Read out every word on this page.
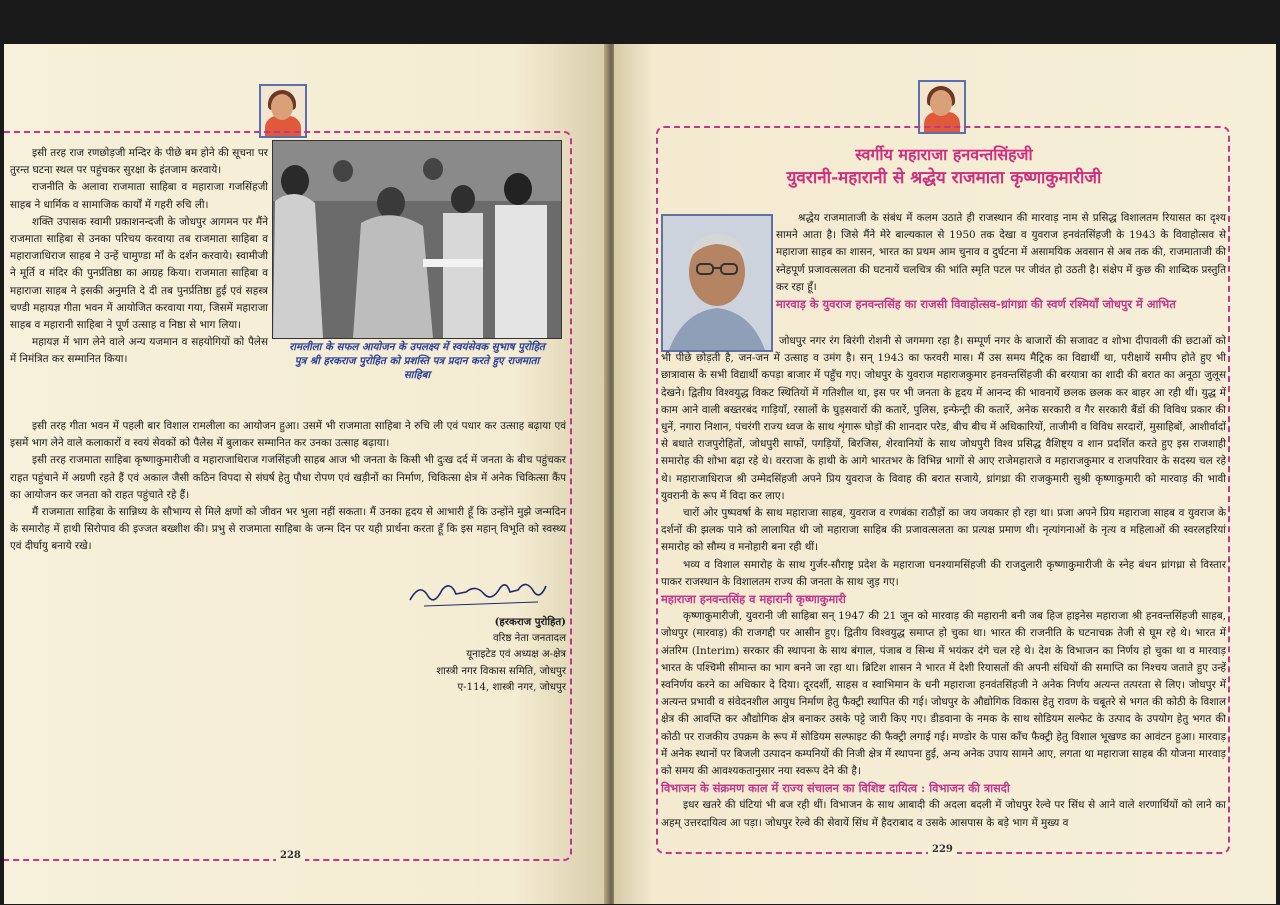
इसी तरह राज रणछोड़जी मन्दिर के पीछे बम होने की सूचना पर तुरन्त घटना स्थल पर पहुंचकर सुरक्षा के इंतजाम करवाये।

राजनीति के अलावा राजमाता साहिबा व महाराजा गजसिंहजी साहब ने धार्मिक व सामाजिक कार्यों में गहरी रुचि ली।

शक्ति उपासक स्वामी प्रकाशनन्दजी के जोधपुर आगमन पर मैंने राजमाता साहिबा से उनका परिचय करवाया तब राजमाता साहिबा व महाराजाधिराज साहब ने उन्हें चामुण्डा माँ के दर्शन करवाये। स्वामीजी ने मूर्ति व मंदिर की पुनर्प्रतिष्ठा का आग्रह किया। राजमाता साहिबा व महाराजा साहब ने इसकी अनुमति दे दी तब पुनर्प्रतिष्ठा हुई एवं सहस्त्र चण्डी महायज्ञ गीता भवन में आयोजित करवाया गया, जिसमें महाराजा साहब व महारानी साहिबा ने पूर्ण उत्साह व निष्ठा से भाग लिया।

महायज्ञ में भाग लेने वाले अन्य यजमान व सहयोगियों को पैलेस में निमंत्रित कर सम्मानित किया।

रामलीला के सफल आयोजन के उपलक्ष्य में स्वयंसेवक सुभाष पुरोहित पुत्र श्री हरकराज पुरोहित को प्रशस्ति पत्र प्रदान करते हुए राजमाता साहिबा

इसी तरह गीता भवन में पहली बार विशाल रामलीला का आयोजन हुआ। उसमें भी राजमाता साहिबा ने रुचि ली एवं पधार कर उत्साह बढ़ाया एवं इसमें भाग लेने वाले कलाकारों व स्वयं सेवकों को पैलेस में बुलाकर सम्मानित कर उनका उत्साह बढ़ाया।

इसी तरह राजमाता साहिबा कृष्णाकुमारीजी व महाराजाधिराज गजसिंहजी साहब आज भी जनता के किसी भी दुःख दर्द में जनता के बीच पहुंचकर राहत पहुंचाने में अग्रणी रहते हैं एवं अकाल जैसी कठिन विपदा से संघर्ष हेतु पौधा रोपण एवं खड़ीनों का निर्माण, चिकित्सा क्षेत्र में अनेक चिकित्सा कैंप का आयोजन कर जनता को राहत पहुंचाते रहे हैं।

मैं राजमाता साहिबा के सान्निध्य के सौभाग्य से मिले क्षणों को जीवन भर भुला नहीं सकता। मैं उनका हृदय से आभारी हूँ कि उन्होंने मुझे जन्मदिन के समारोह में हाथी सिरोपाव की इज्जत बख्शीश की। प्रभु से राजमाता साहिबा के जन्म दिन पर यही प्रार्थना करता हूँ कि इस महान् विभूति को स्वस्थ्य एवं दीर्घायु बनाये रखे।

(हरकराज पुरोहित)
वरिष्ठ नेता जनतादल
यूनाइटेड एवं अध्यक्ष अ-क्षेत्र
शास्त्री नगर विकास समिति, जोधपुर
ए-114, शास्त्री नगर, जोधपुर
228
स्वर्गीय महाराजा हनवन्तसिंहजी
युवरानी-महारानी से श्रद्धेय राजमाता कृष्णाकुमारीजी

श्रद्धेय राजमाताजी के संबंध में कलम उठाते ही राजस्थान की मारवाड़ नाम से प्रसिद्ध विशालतम रियासत का दृश्य सामने आता है। जिसे मैंने मेरे बाल्यकाल से 1950 तक देखा व युवराज हनवंतसिंहजी के 1943 के विवाहोत्सव से महाराजा साहब का शासन, भारत का प्रथम आम चुनाव व दुर्घटना में असामयिक अवसान से अब तक की, राजमाताजी की स्नेहपूर्ण प्रजावत्सलता की घटनायें चलचित्र की भांति स्मृति पटल पर जीवंत हो उठती है। संक्षेप में कुछ की शाब्दिक प्रस्तुति कर रहा हूँ।

मारवाड़ के युवराज हनवन्तसिंह का राजसी विवाहोत्सव-ध्रांगध्रा की स्वर्ण रश्मियाँ जोधपुर में आभित

जोधपुर नगर रंग बिरंगी रोशनी से जगमगा रहा है। सम्पूर्ण नगर के बाजारों की सजावट व शोभा दीपावली की छटाओं को भी पीछे छोड़ती है, जन-जन में उत्साह व उमंग है। सन् 1943 का फरवरी मास। मैं उस समय मैट्रिक का विद्यार्थी था, परीक्षायें समीप होते हुए भी छात्रावास के सभी विद्यार्थी कपड़ा बाजार में पहुँच गए। जोधपुर के युवराज महाराजकुमार हनवन्तसिंहजी की बरयात्रा का शादी की बरात का अनूठा जुलूस देखने। द्वितीय विश्वयुद्ध विकट स्थितियों में गतिशील था, इस पर भी जनता के हृदय में आनन्द की भावनायें छलक छलक कर बाहर आ रही थीं। युद्ध में काम आने वाली बख्तरबंद गाड़ियाँ, रसालों के घुड़सवारों की कतारें, पुलिस, इन्फेन्ट्री की कतारें, अनेक सरकारी व गैर सरकारी बैंडों की विविध प्रकार की धुनें, नगारा निशान, पंचरंगी राज्य ध्वज के साथ शृंगारू घोड़ों की शानदार परेड, बीच बीच में अधिकारियों, ताजीमी व विविध सरदारों, मुसाहिबों, आशीर्वादों से बधाते राजपुरोहितों, जोधपुरी साफों, पगड़ियों, बिरजिस, शेरवानियों के साथ जोधपुरी विश्व प्रसिद्ध वैशिष्ट्य व शान प्रदर्शित करते हुए इस राजशाही समारोह की शोभा बढ़ा रहे थे। वरराजा के हाथी के आगे भारतभर के विभिन्न भागों से आए राजेमहाराजे व महाराजकुमार व राजपरिवार के सदस्य चल रहे थे। महाराजाधिराज श्री उम्मेदसिंहजी अपने प्रिय युवराज के विवाह की बरात सजाये, ध्रांगध्रा की राजकुमारी सुश्री कृष्णाकुमारी को मारवाड़ की भावी युवरानी के रूप में विदा कर लाए।

चारों ओर पुष्पवर्षा के साथ महाराजा साहब, युवराज व रणबंका राठौड़ों का जय जयकार हो रहा था। प्रजा अपने प्रिय महाराजा साहब व युवराज के दर्शनों की झलक पाने को लालायित थी जो महाराजा साहिब की प्रजावत्सलता का प्रत्यक्ष प्रमाण थी। नृत्यांगनाओं के नृत्य व महिलाओं की स्वरलहरियां समारोह को सौम्य व मनोहारी बना रही थीं।

भव्य व विशाल समारोह के साथ गुर्जर-सौराष्ट्र प्रदेश के महाराजा घनश्यामसिंहजी की राजदुलारी कृष्णाकुमारीजी के स्नेह बंधन ध्रांगध्रा से विस्तार पाकर राजस्थान के विशालतम राज्य की जनता के साथ जुड़ गए।

महाराजा हनवन्तसिंह व महारानी कृष्णाकुमारी

कृष्णाकुमारीजी, युवरानी जी साहिबा सन् 1947 की 21 जून को मारवाड़ की महारानी बनी जब हिज हाइनेस महाराजा श्री हनवन्तसिंहजी साहब, जोधपुर (मारवाड़) की राजगद्दी पर आसीन हुए। द्वितीय विश्वयुद्ध समाप्त हो चुका था। भारत की राजनीति के घटनाचक्र तेजी से घूम रहे थे। भारत में अंतरिम (Interim) सरकार की स्थापना के साथ बंगाल, पंजाब व सिन्ध में भयंकर दंगे चल रहे थे। देश के विभाजन का निर्णय हो चुका था व मारवाड़ भारत के पश्चिमी सीमान्त का भाग बनने जा रहा था। ब्रिटिश शासन ने भारत में देशी रियासतों की अपनी संधियों की समाप्ति का निश्चय जताते हुए उन्हें स्वनिर्णय करने का अधिकार दे दिया। दूरदर्शी, साहस व स्वाभिमान के धनी महाराजा हनवंतसिंहजी ने अनेक निर्णय अत्यन्त तत्परता से लिए। जोधपुर में अत्यन्त प्रभावी व संवेदनशील आयुध निर्माण हेतु फैक्ट्री स्थापित की गई। जोधपुर के औद्योगिक विकास हेतु रावण के चबूतरे से भगत की कोठी के विशाल क्षेत्र की आवप्ति कर औद्योगिक क्षेत्र बनाकर उसके पट्टे जारी किए गए। डीडवाना के नमक के साथ सोडियम सल्फेट के उत्पाद के उपयोग हेतु भगत की कोठी पर राजकीय उपक्रम के रूप में सोडियम सल्फाइट की फैक्ट्री लगाई गई। मण्डोर के पास काँच फैक्ट्री हेतु विशाल भूखण्ड का आवंटन हुआ। मारवाड़ में अनेक स्थानों पर बिजली उत्पादन कम्पनियों की निजी क्षेत्र में स्थापना हुई, अन्य अनेक उपाय सामने आए, लगता था महाराजा साहब की योजना मारवाड़ को समय की आवश्यकतानुसार नया स्वरूप देने की है।

विभाजन के संक्रमण काल में राज्य संचालन का विशिष्ट दायित्व : विभाजन की त्रासदी

इधर खतरे की घंटियां भी बज रही थीं। विभाजन के साथ आबादी की अदला बदली में जोधपुर रेल्वे पर सिंध से आने वाले शरणार्थियों को लाने का अहम् उत्तरदायित्व आ पड़ा। जोधपुर रेल्वे की सेवायें सिंध में हैदराबाद व उसके आसपास के बड़े भाग में मुख्य व

229
